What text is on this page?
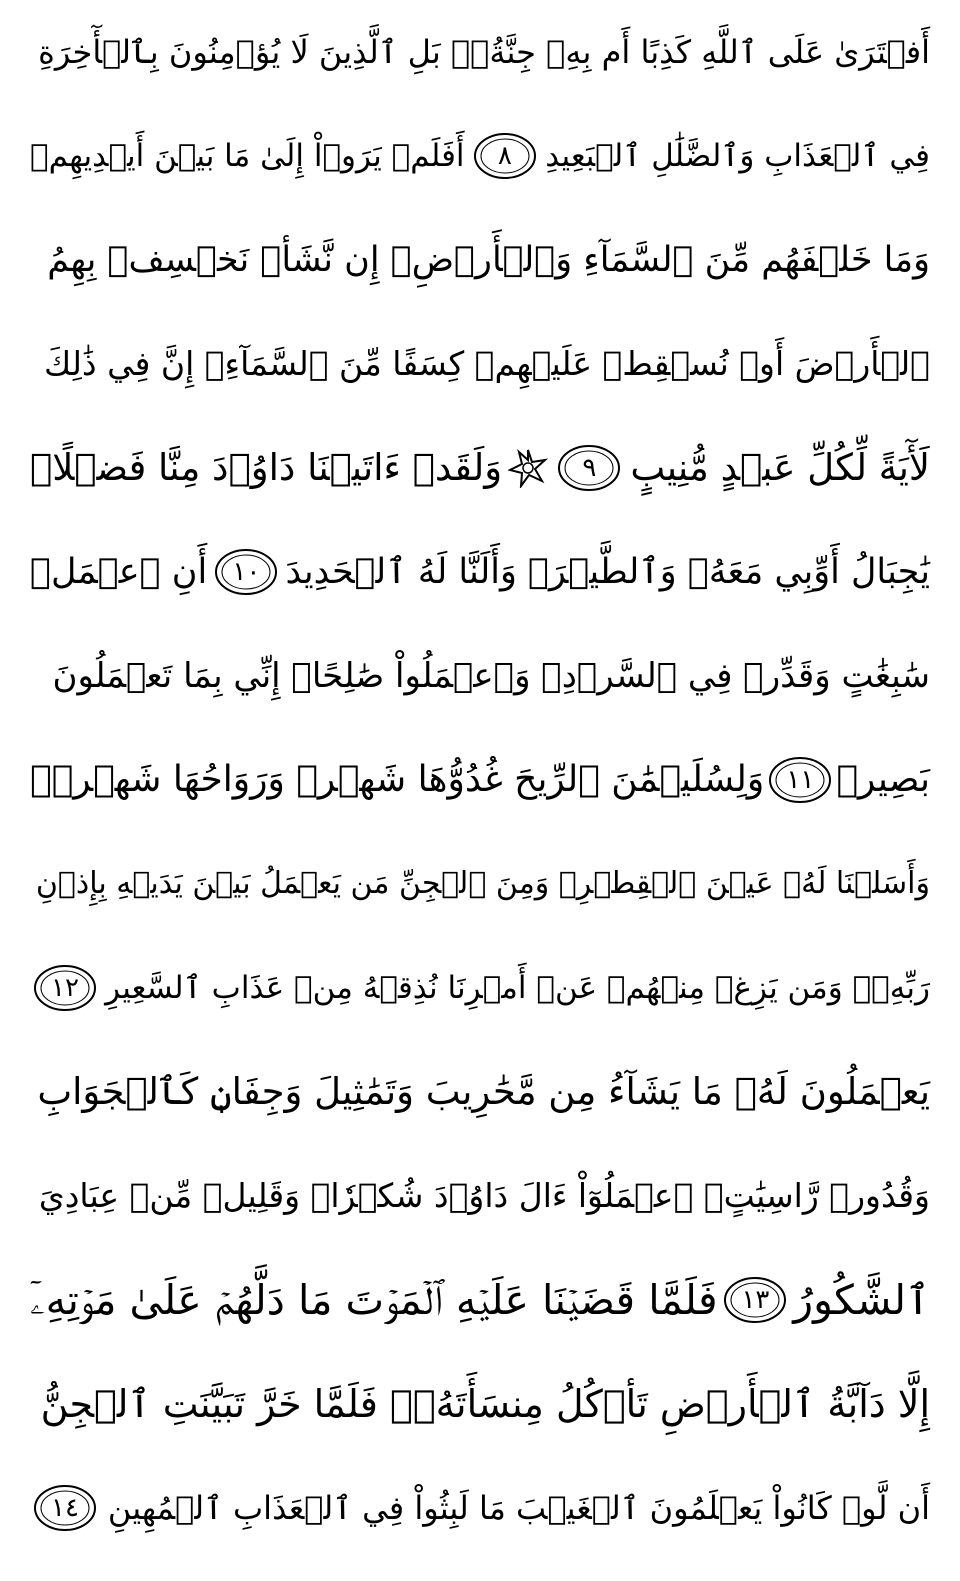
أَفۡتَرَىٰ عَلَى ٱللَّهِ كَذِبًا أَم بِهِۦ جِنَّةُۢۗ بَلِ ٱلَّذِينَ لَا يُؤۡمِنُونَ بِٱلۡأٓخِرَةِ
فِي ٱلۡعَذَابِ وَٱلضَّلَٰلِ ٱلۡبَعِيدِ
٨
أَفَلَمۡ يَرَوۡاْ إِلَىٰ مَا بَيۡنَ أَيۡدِيهِمۡ
وَمَا خَلۡفَهُم مِّنَ ٱلسَّمَآءِ وَٱلۡأَرۡضِۚ إِن نَّشَأۡ نَخۡسِفۡ بِهِمُ
ٱلۡأَرۡضَ أَوۡ نُسۡقِطۡ عَلَيۡهِمۡ كِسَفًا مِّنَ ٱلسَّمَآءِۚ إِنَّ فِي ذَٰلِكَ
لَأٓيَةً لِّكُلِّ عَبۡدٍ مُّنِيبٍ
٩
وَلَقَدۡ ءَاتَيۡنَا دَاوُۥدَ مِنَّا فَضۡلًاۖ
يَٰجِبَالُ أَوِّبِي مَعَهُۥ وَٱلطَّيۡرَۖ وَأَلَنَّا لَهُ ٱلۡحَدِيدَ
١٠
أَنِ ٱعۡمَلۡ
سَٰبِغَٰتٍ وَقَدِّرۡ فِي ٱلسَّرۡدِۖ وَٱعۡمَلُواْ صَٰلِحًاۖ إِنِّي بِمَا تَعۡمَلُونَ
بَصِيرٞ
١١
وَلِسُلَيۡمَٰنَ ٱلرِّيحَ غُدُوُّهَا شَهۡرٞ وَرَوَاحُهَا شَهۡرٞۖ
وَأَسَلۡنَا لَهُۥ عَيۡنَ ٱلۡقِطۡرِۖ وَمِنَ ٱلۡجِنِّ مَن يَعۡمَلُ بَيۡنَ يَدَيۡهِ بِإِذۡنِ
رَبِّهِۦۖ وَمَن يَزِغۡ مِنۡهُمۡ عَنۡ أَمۡرِنَا نُذِقۡهُ مِنۡ عَذَابِ ٱلسَّعِيرِ
١٢
يَعۡمَلُونَ لَهُۥ مَا يَشَآءُ مِن مَّحَٰرِيبَ وَتَمَٰثِيلَ وَجِفَانٖ كَٱلۡجَوَابِ
وَقُدُورٖ رَّاسِيَٰتٍۚ ٱعۡمَلُوٓاْ ءَالَ دَاوُۥدَ شُكۡرٗاۚ وَقَلِيلٞ مِّنۡ عِبَادِيَ
ٱلشَّكُورُ
١٣
فَلَمَّا قَضَيۡنَا عَلَيۡهِ ٱلۡمَوۡتَ مَا دَلَّهُمۡ عَلَىٰ مَوۡتِهِۦٓ
إِلَّا دَآبَّةُ ٱلۡأَرۡضِ تَأۡكُلُ مِنسَأَتَهُۥۖ فَلَمَّا خَرَّ تَبَيَّنَتِ ٱلۡجِنُّ
أَن لَّوۡ كَانُواْ يَعۡلَمُونَ ٱلۡغَيۡبَ مَا لَبِثُواْ فِي ٱلۡعَذَابِ ٱلۡمُهِينِ
١٤
